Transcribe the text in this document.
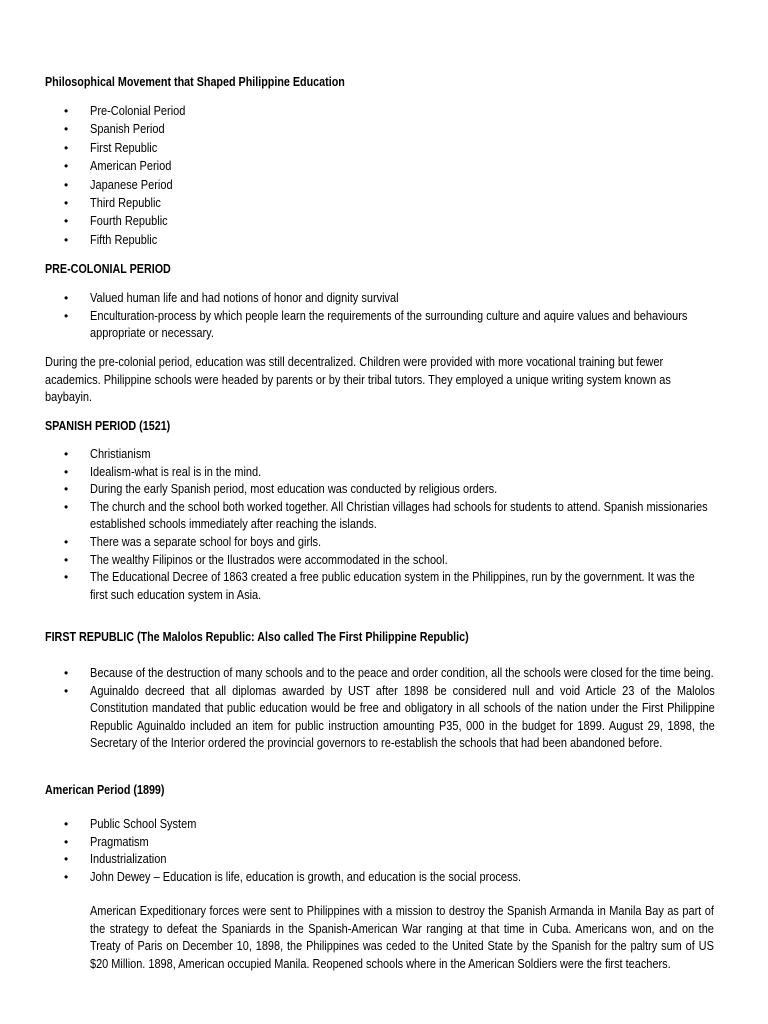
Philosophical Movement that Shaped Philippine Education
• Pre-Colonial Period
• Spanish Period
• First Republic
• American Period
• Japanese Period
• Third Republic
• Fourth Republic
• Fifth Republic
PRE-COLONIAL PERIOD
• Valued human life and had notions of honor and dignity survival
• Enculturation-process by which people learn the requirements of the surrounding culture and aquire values and behaviours appropriate or necessary.
During the pre-colonial period, education was still decentralized. Children were provided with more vocational training but fewer academics. Philippine schools were headed by parents or by their tribal tutors. They employed a unique writing system known as baybayin.
SPANISH PERIOD (1521)
• Christianism
• Idealism-what is real is in the mind.
• During the early Spanish period, most education was conducted by religious orders.
• The church and the school both worked together. All Christian villages had schools for students to attend. Spanish missionaries established schools immediately after reaching the islands.
• There was a separate school for boys and girls.
• The wealthy Filipinos or the Ilustrados were accommodated in the school.
• The Educational Decree of 1863 created a free public education system in the Philippines, run by the government. It was the first such education system in Asia.
FIRST REPUBLIC (The Malolos Republic: Also called The First Philippine Republic)
• Because of the destruction of many schools and to the peace and order condition, all the schools were closed for the time being.
• Aguinaldo decreed that all diplomas awarded by UST after 1898 be considered null and void Article 23 of the Malolos Constitution mandated that public education would be free and obligatory in all schools of the nation under the First Philippine Republic Aguinaldo included an item for public instruction amounting P35, 000 in the budget for 1899. August 29, 1898, the Secretary of the Interior ordered the provincial governors to re-establish the schools that had been abandoned before.
American Period (1899)
• Public School System
• Pragmatism
• Industrialization
• John Dewey – Education is life, education is growth, and education is the social process.
American Expeditionary forces were sent to Philippines with a mission to destroy the Spanish Armanda in Manila Bay as part of the strategy to defeat the Spaniards in the Spanish-American War ranging at that time in Cuba. Americans won, and on the Treaty of Paris on December 10, 1898, the Philippines was ceded to the United State by the Spanish for the paltry sum of US $20 Million. 1898, American occupied Manila. Reopened schools where in the American Soldiers were the first teachers.
